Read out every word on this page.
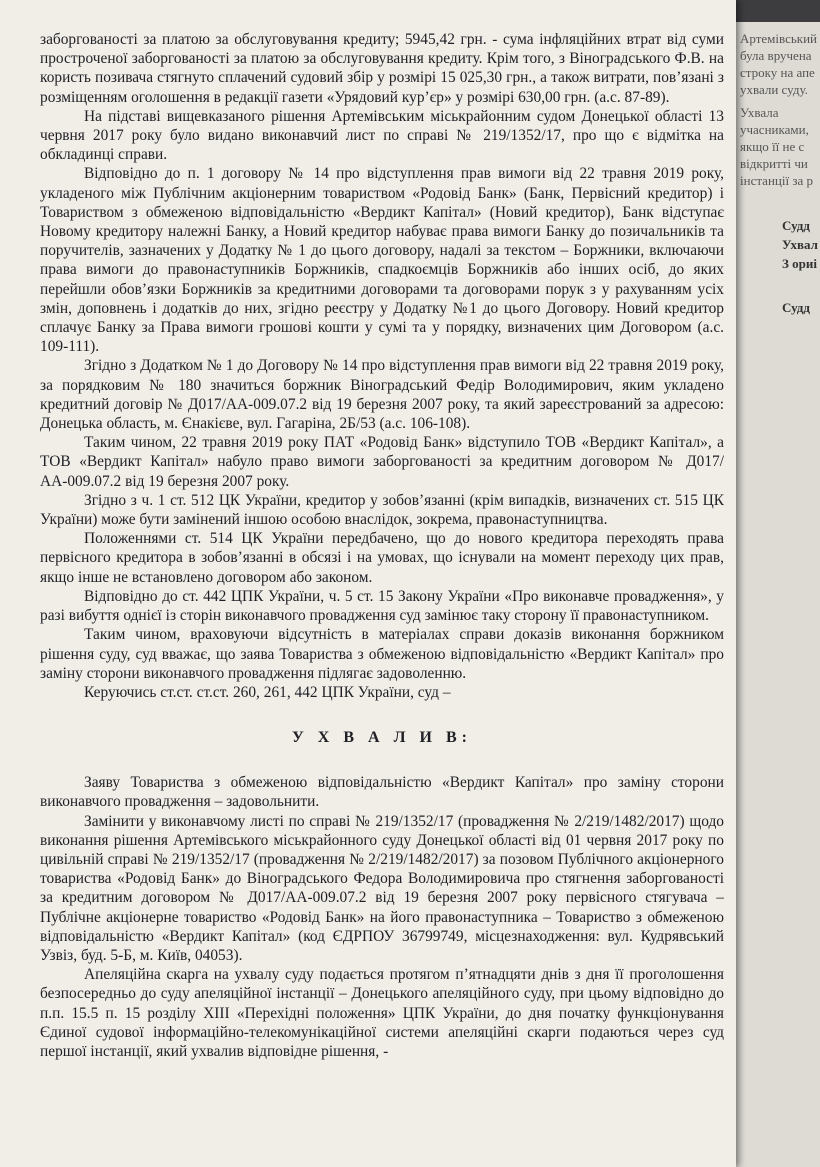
заборгованості за платою за обслуговування кредиту; 5945,42 грн. - сума інфляційних втрат від суми простроченої заборгованості за платою за обслуговування кредиту. Крім того, з Віноградського Ф.В. на користь позивача стягнуто сплачений судовий збір у розмірі 15 025,30 грн., а також витрати, пов’язані з розміщенням оголошення в редакції газети «Урядовий кур’єр» у розмірі 630,00 грн. (а.с. 87-89).

На підставі вищевказаного рішення Артемівським міськрайонним судом Донецької області 13 червня 2017 року було видано виконавчий лист по справі № 219/1352/17, про що є відмітка на обкладинці справи.

Відповідно до п. 1 договору № 14 про відступлення прав вимоги від 22 травня 2019 року, укладеного між Публічним акціонерним товариством «Родовід Банк» (Банк, Первісний кредитор) і Товариством з обмеженою відповідальністю «Вердикт Капітал» (Новий кредитор), Банк відступає Новому кредитору належні Банку, а Новий кредитор набуває права вимоги Банку до позичальників та поручителів, зазначених у Додатку № 1 до цього договору, надалі за текстом – Боржники, включаючи права вимоги до правонаступників Боржників, спадкоємців Боржників або інших осіб, до яких перейшли обов’язки Боржників за кредитними договорами та договорами порук з у рахуванням усіх змін, доповнень і додатків до них, згідно реєстру у Додатку №1 до цього Договору. Новий кредитор сплачує Банку за Права вимоги грошові кошти у сумі та у порядку, визначених цим Договором (а.с. 109-111).

Згідно з Додатком № 1 до Договору № 14 про відступлення прав вимоги від 22 травня 2019 року, за порядковим № 180 значиться боржник Віноградський Федір Володимирович, яким укладено кредитний договір № Д017/АА-009.07.2 від 19 березня 2007 року, та який зареєстрований за адресою: Донецька область, м. Єнакієве, вул. Гагаріна, 2Б/53 (а.с. 106-108).

Таким чином, 22 травня 2019 року ПАТ «Родовід Банк» відступило ТОВ «Вердикт Капітал», а ТОВ «Вердикт Капітал» набуло право вимоги заборгованості за кредитним договором № Д017/АА-009.07.2 від 19 березня 2007 року.

Згідно з ч. 1 ст. 512 ЦК України, кредитор у зобов’язанні (крім випадків, визначених ст. 515 ЦК України) може бути замінений іншою особою внаслідок, зокрема, правонаступництва.

Положеннями ст. 514 ЦК України передбачено, що до нового кредитора переходять права первісного кредитора в зобов’язанні в обсязі і на умовах, що існували на момент переходу цих прав, якщо інше не встановлено договором або законом.

Відповідно до ст. 442 ЦПК України, ч. 5 ст. 15 Закону України «Про виконавче провадження», у разі вибуття однієї із сторін виконавчого провадження суд замінює таку сторону її правонаступником.

Таким чином, враховуючи відсутність в матеріалах справи доказів виконання боржником рішення суду, суд вважає, що заява Товариства з обмеженою відповідальністю «Вердикт Капітал» про заміну сторони виконавчого провадження підлягає задоволенню.

Керуючись ст.ст. ст.ст. 260, 261, 442 ЦПК України, суд –

У Х В А Л И В:

Заяву Товариства з обмеженою відповідальністю «Вердикт Капітал» про заміну сторони виконавчого провадження – задовольнити.

Замінити у виконавчому листі по справі № 219/1352/17 (провадження № 2/219/1482/2017) щодо виконання рішення Артемівського міськрайонного суду Донецької області від 01 червня 2017 року по цивільній справі № 219/1352/17 (провадження № 2/219/1482/2017) за позовом Публічного акціонерного товариства «Родовід Банк» до Віноградського Федора Володимировича про стягнення заборгованості за кредитним договором № Д017/АА-009.07.2 від 19 березня 2007 року первісного стягувача – Публічне акціонерне товариство «Родовід Банк» на його правонаступника – Товариство з обмеженою відповідальністю «Вердикт Капітал» (код ЄДРПОУ 36799749, місцезнаходження: вул. Кудрявський Узвіз, буд. 5-Б, м. Київ, 04053).

Апеляційна скарга на ухвалу суду подається протягом п’ятнадцяти днів з дня її проголошення безпосередньо до суду апеляційної інстанції – Донецького апеляційного суду, при цьому відповідно до п.п. 15.5 п. 15 розділу XIII «Перехідні положення» ЦПК України, до дня початку функціонування Єдиної судової інформаційно-телекомунікаційної системи апеляційні скарги подаються через суд першої інстанції, який ухвалив відповідне рішення, -

Артемівський
була вручена
строку на апе
ухвали суду.
Ухвала
учасниками,
якщо її не с
відкритті чи
інстанції за р
Судд
Ухвал
З ориі
Судд
